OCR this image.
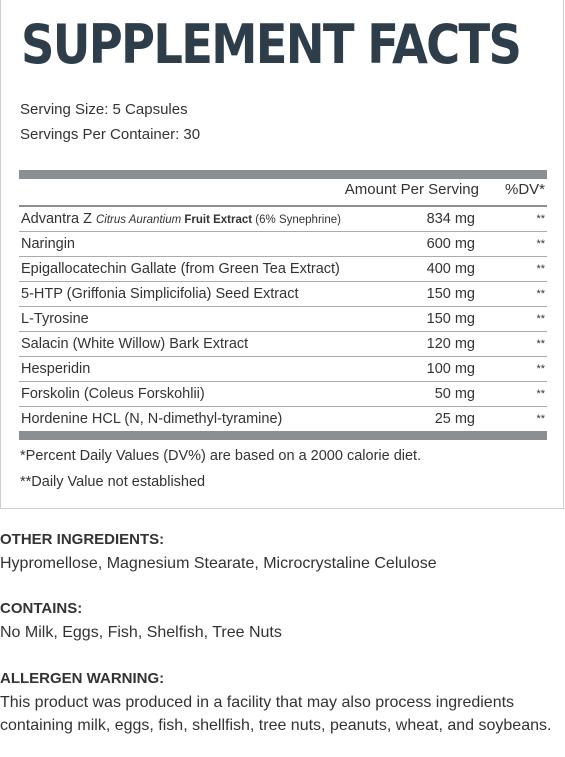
SUPPLEMENT FACTS
Serving Size: 5 Capsules
Servings Per Container: 30
Amount Per Serving %DV*
Advantra Z Citrus Aurantium Fruit Extract (6% Synephrine)	834 mg	**
Naringin	600 mg	**
Epigallocatechin Gallate (from Green Tea Extract)	400 mg	**
5-HTP (Griffonia Simplicifolia) Seed Extract	150 mg	**
L-Tyrosine	150 mg	**
Salacin (White Willow) Bark Extract	120 mg	**
Hesperidin	100 mg	**
Forskolin (Coleus Forskohlii)	50 mg	**
Hordenine HCL (N, N-dimethyl-tyramine)	25 mg	**
*Percent Daily Values (DV%) are based on a 2000 calorie diet.
**Daily Value not established
OTHER INGREDIENTS:
Hypromellose, Magnesium Stearate, Microcrystaline Celulose
CONTAINS:
No Milk, Eggs, Fish, Shelfish, Tree Nuts
ALLERGEN WARNING:
This product was produced in a facility that may also process ingredients containing milk, eggs, fish, shellfish, tree nuts, peanuts, wheat, and soybeans.
